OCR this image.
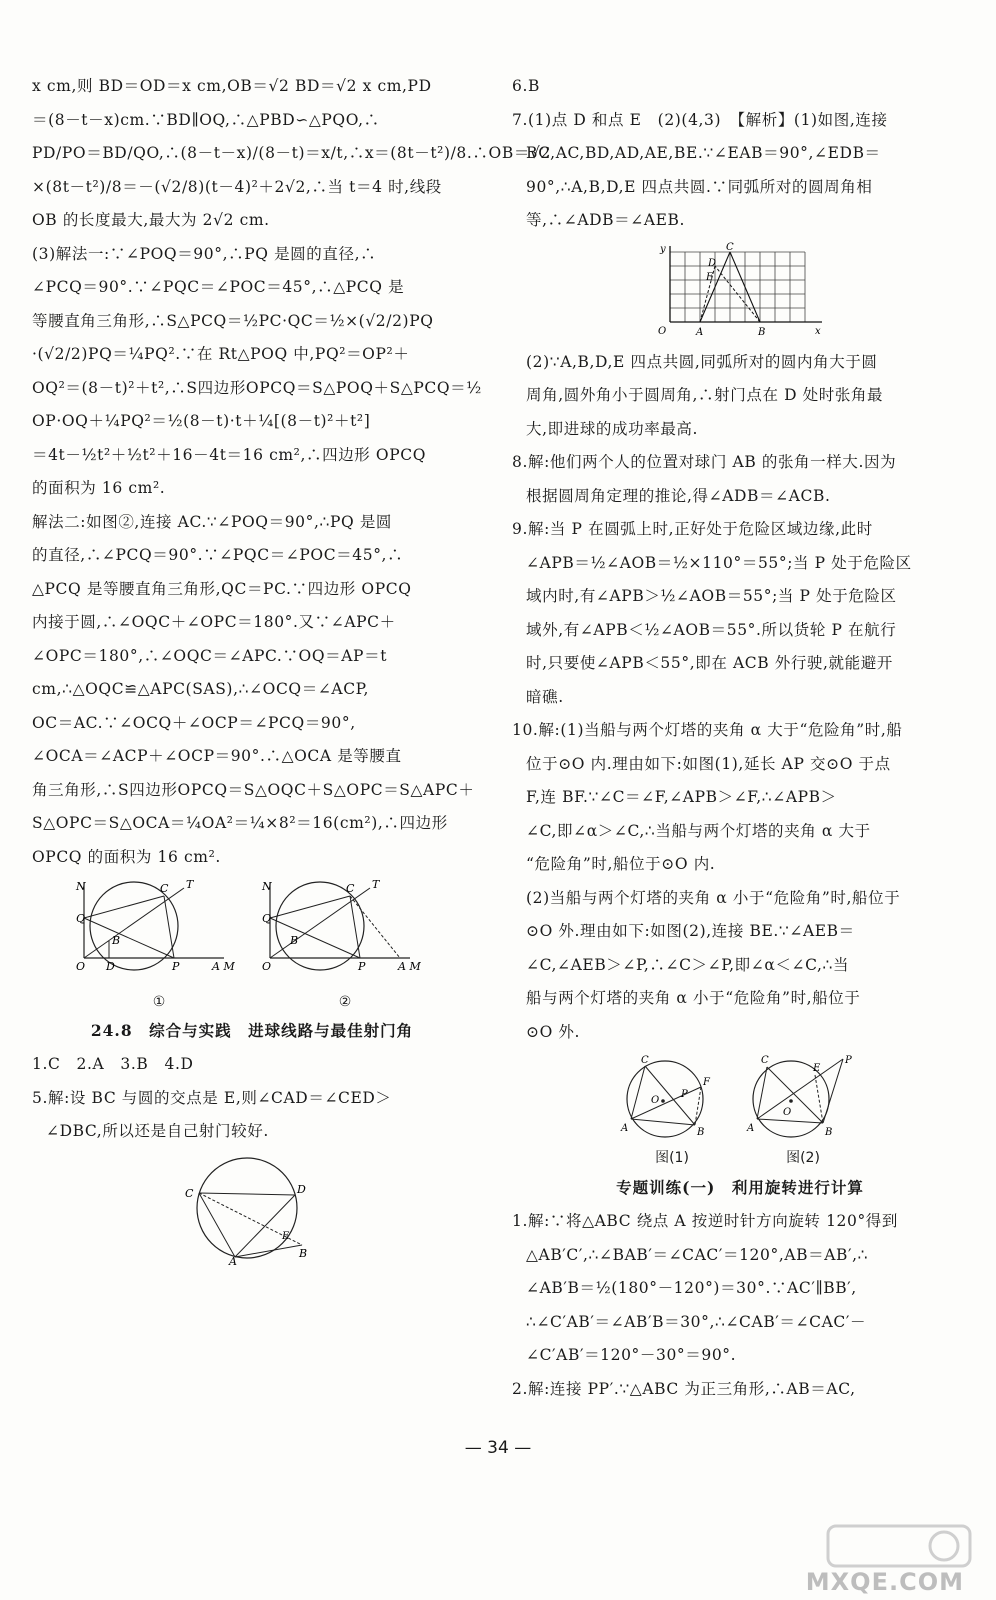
x cm,则 BD＝OD＝x cm,OB＝√2 BD＝√2 x cm,PD
＝(8－t－x)cm.∵BD∥OQ,∴△PBD∽△PQO,∴
PD/PO＝BD/QO,∴(8－t－x)/(8－t)＝x/t,∴x＝(8t－t²)/8.∴OB＝√2
×(8t－t²)/8＝－(√2/8)(t－4)²＋2√2,∴当 t＝4 时,线段
OB 的长度最大,最大为 2√2 cm.
(3)解法一:∵∠POQ＝90°,∴PQ 是圆的直径,∴
∠PCQ＝90°.∵∠PQC＝∠POC＝45°,∴△PCQ 是
等腰直角三角形,∴S△PCQ＝½PC·QC＝½×(√2/2)PQ
·(√2/2)PQ＝¼PQ².∵在 Rt△POQ 中,PQ²＝OP²＋
OQ²＝(8－t)²＋t²,∴S四边形OPCQ＝S△POQ＋S△PCQ＝½
OP·OQ＋¼PQ²＝½(8－t)·t＋¼[(8－t)²＋t²]
＝4t－½t²＋½t²＋16－4t＝16 cm²,∴四边形 OPCQ
的面积为 16 cm².
解法二:如图②,连接 AC.∵∠POQ＝90°,∴PQ 是圆
的直径,∴∠PCQ＝90°.∵∠PQC＝∠POC＝45°,∴
△PCQ 是等腰直角三角形,QC＝PC.∵四边形 OPCQ
内接于圆,∴∠OQC＋∠OPC＝180°.又∵∠APC＋
∠OPC＝180°,∴∠OQC＝∠APC.∵OQ＝AP＝t
cm,∴△OQC≌△APC(SAS),∴∠OCQ＝∠ACP,
OC＝AC.∵∠OCQ＋∠OCP＝∠PCQ＝90°,
∠OCA＝∠ACP＋∠OCP＝90°.∴△OCA 是等腰直
角三角形,∴S四边形OPCQ＝S△OQC＋S△OPC＝S△APC＋
S△OPC＝S△OCA＝¼OA²＝¼×8²＝16(cm²),∴四边形
OPCQ 的面积为 16 cm².
N
Q
O D
B
C T
P	A M
①
N
Q
O
B
C T
P	A M
②
24.8　综合与实践　进球线路与最佳射门角
1.C　2.A　3.B　4.D
5.解:设 BC 与圆的交点是 E,则∠CAD＝∠CED＞
∠DBC,所以还是自己射门较好.
C	D
A
B
E
6.B
7.(1)点 D 和点 E　(2)(4,3)　【解析】(1)如图,连接
BC,AC,BD,AD,AE,BE.∵∠EAB＝90°,∠EDB＝
90°,∴A,B,D,E 四点共圆.∵同弧所对的圆周角相
等,∴∠ADB＝∠AEB.
y
O	A	B
C
E
D
x
(2)∵A,B,D,E 四点共圆,同弧所对的圆内角大于圆
周角,圆外角小于圆周角,∴射门点在 D 处时张角最
大,即进球的成功率最高.
8.解:他们两个人的位置对球门 AB 的张角一样大.因为
根据圆周角定理的推论,得∠ADB＝∠ACB.
9.解:当 P 在圆弧上时,正好处于危险区域边缘,此时
∠APB＝½∠AOB＝½×110°＝55°;当 P 处于危险区
域内时,有∠APB＞½∠AOB＝55°;当 P 处于危险区
域外,有∠APB＜½∠AOB＝55°.所以货轮 P 在航行
时,只要使∠APB＜55°,即在 ACB 外行驶,就能避开
暗礁.
10.解:(1)当船与两个灯塔的夹角 α 大于“危险角”时,船
位于⊙O 内.理由如下:如图(1),延长 AP 交⊙O 于点
F,连 BF.∵∠C＝∠F,∠APB＞∠F,∴∠APB＞
∠C,即∠α＞∠C,∴当船与两个灯塔的夹角 α 大于
“危险角”时,船位于⊙O 内.
(2)当船与两个灯塔的夹角 α 小于“危险角”时,船位于
⊙O 外.理由如下:如图(2),连接 BE.∵∠AEB＝
∠C,∠AEB＞∠P,∴∠C＞∠P,即∠α＜∠C,∴当
船与两个灯塔的夹角 α 小于“危险角”时,船位于
⊙O 外.
C
A	B
F
P
O
图(1)
C
A	B
E
P
O
图(2)
专题训练(一)　利用旋转进行计算
1.解:∵将△ABC 绕点 A 按逆时针方向旋转 120°得到
△AB′C′,∴∠BAB′＝∠CAC′＝120°,AB＝AB′,∴
∠AB′B＝½(180°－120°)＝30°.∵AC′∥BB′,
∴∠C′AB′＝∠AB′B＝30°,∴∠CAB′＝∠CAC′－
∠C′AB′＝120°－30°＝90°.
2.解:连接 PP′.∵△ABC 为正三角形,∴AB＝AC,
— 34 —
MXQE.COM
